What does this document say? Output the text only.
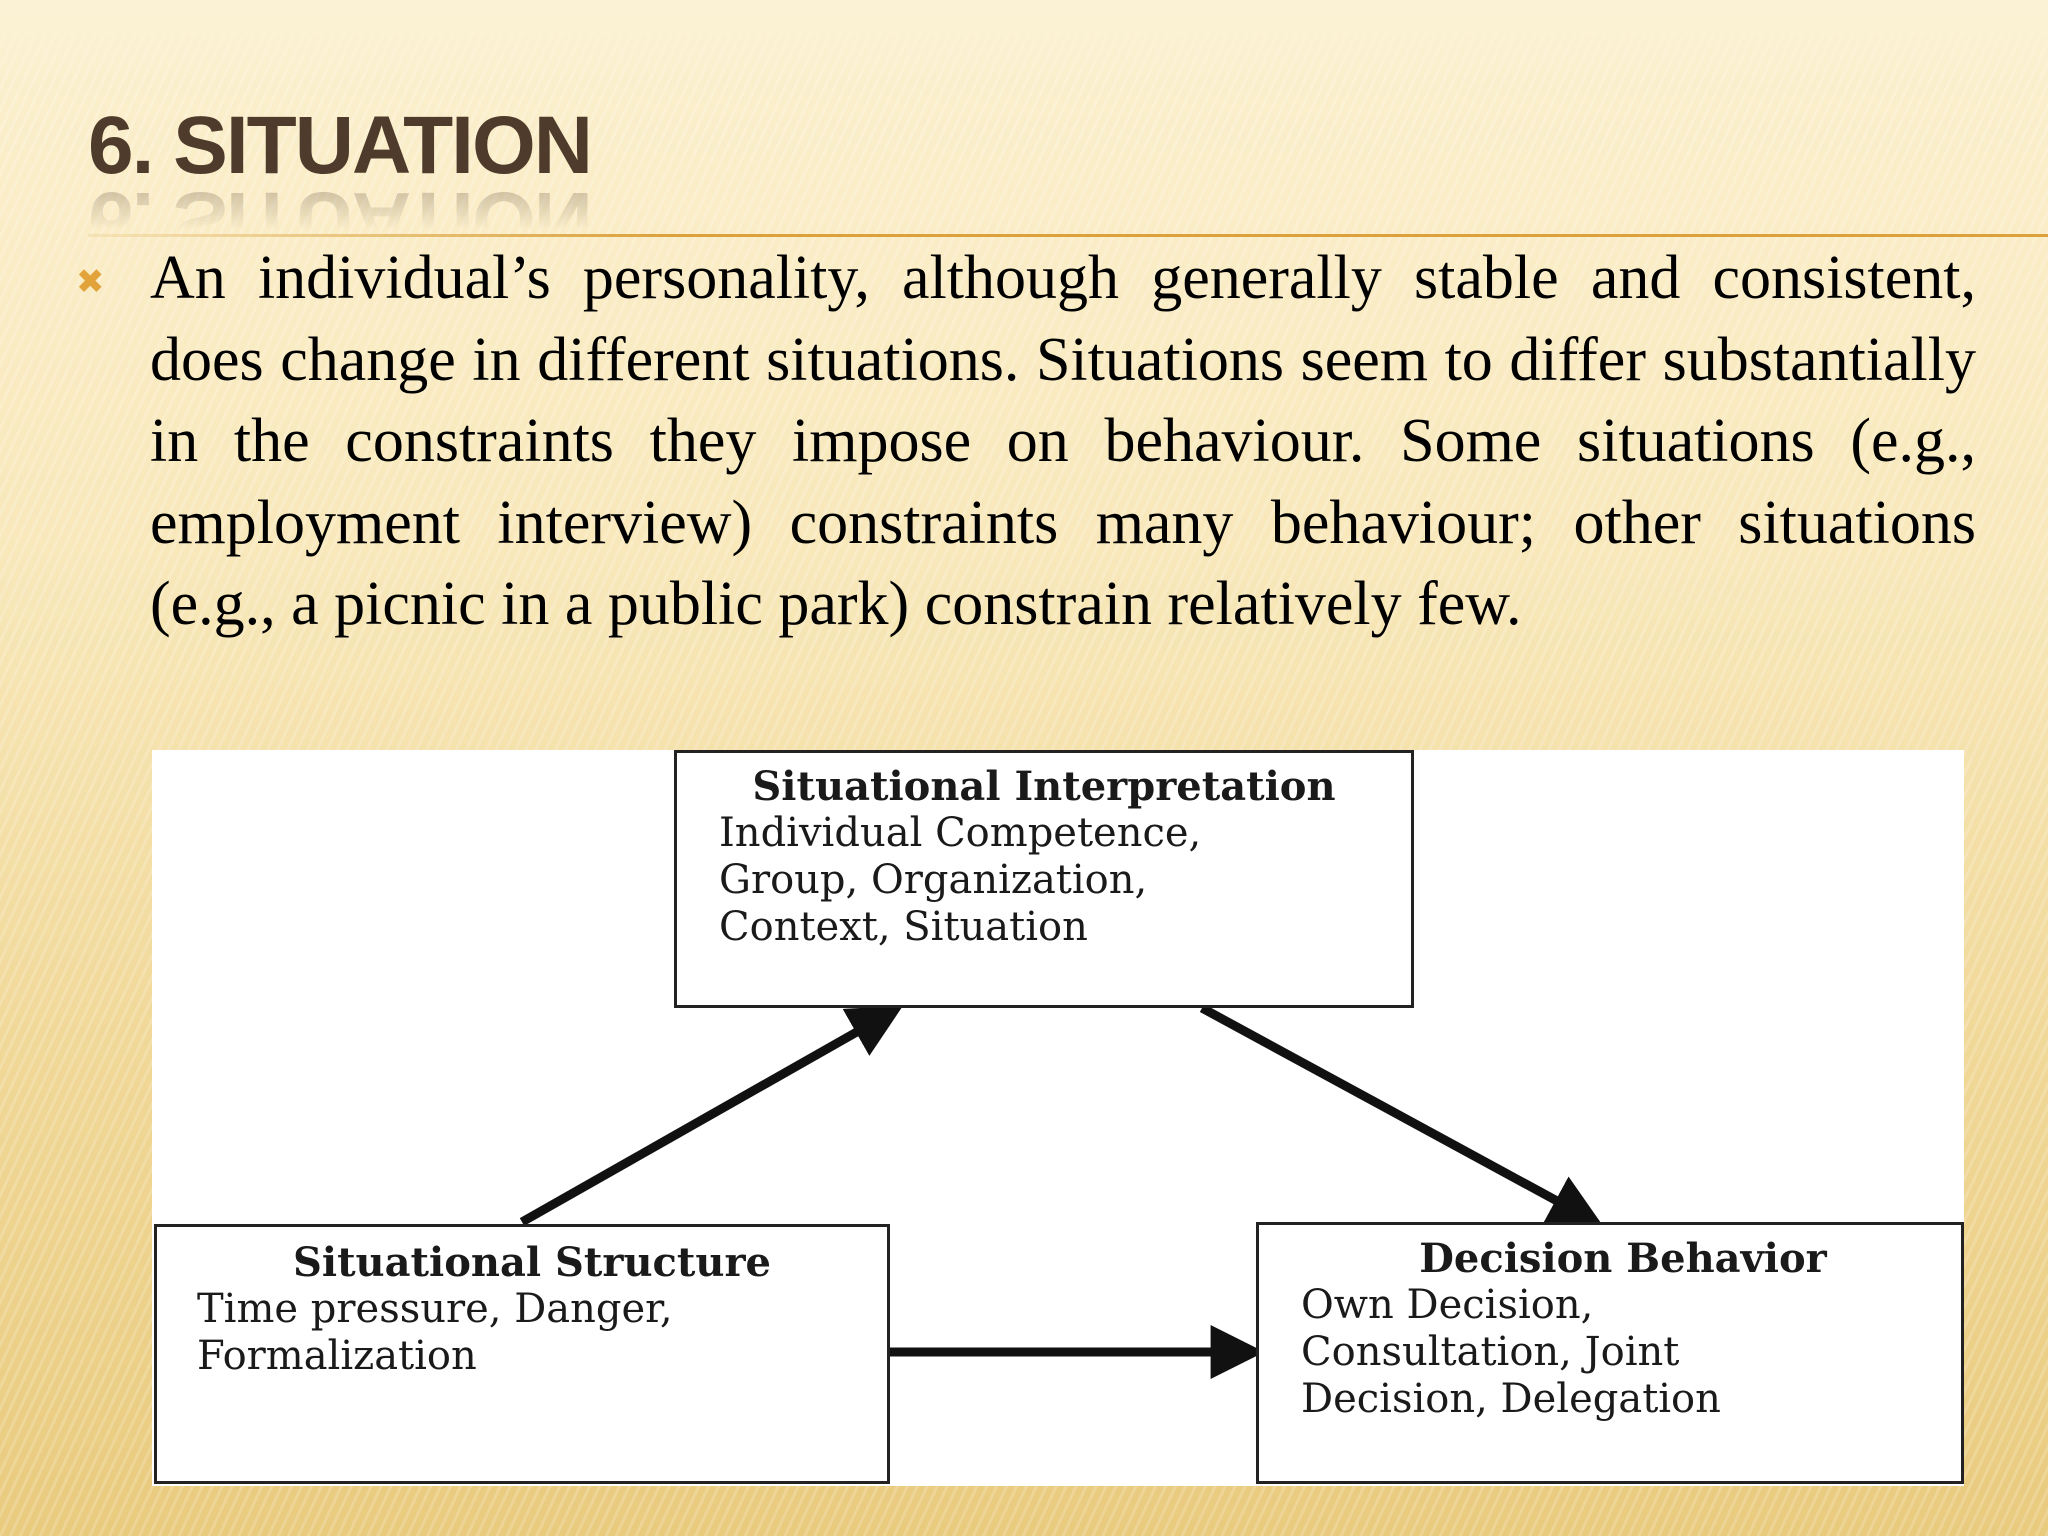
6. SITUATION
✖ An individual’s personality, although generally stable and consistent, does change in different situations. Situations seem to differ substantially in the constraints they impose on behaviour. Some situations (e.g., employment interview) constraints many behaviour; other situations (e.g., a picnic in a public park) constrain relatively few.

Situational Interpretation
Individual Competence,
Group, Organization,
Context, Situation
Situational Structure
Time pressure, Danger,
Formalization
Decision Behavior
Own Decision,
Consultation, Joint
Decision, Delegation
